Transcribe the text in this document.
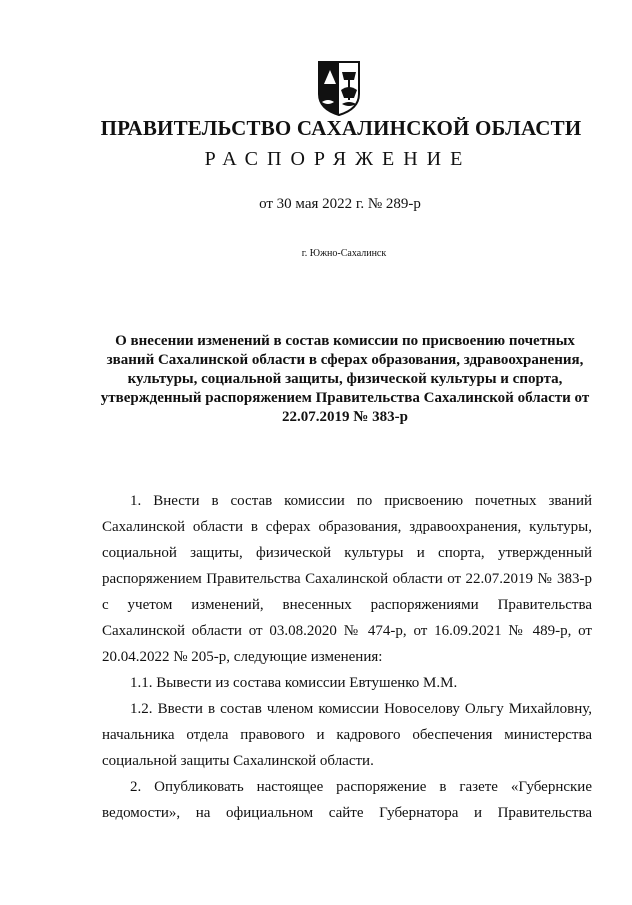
ПРАВИТЕЛЬСТВО САХАЛИНСКОЙ ОБЛАСТИ
РАСПОРЯЖЕНИЕ
от 30 мая 2022 г. № 289-р
г. Южно-Сахалинск
О внесении изменений в состав комиссии по присвоению почетных званий Сахалинской области в сферах образования, здравоохранения, культуры, социальной защиты, физической культуры и спорта, утвержденный распоряжением Правительства Сахалинской области от 22.07.2019 № 383-р

1. Внести в состав комиссии по присвоению почетных званий Сахалинской области в сферах образования, здравоохранения, культуры, социальной защиты, физической культуры и спорта, утвержденный распоряжением Правительства Сахалинской области от 22.07.2019 № 383-р с учетом изменений, внесенных распоряжениями Правительства Сахалинской области от 03.08.2020 № 474-р, от 16.09.2021 № 489-р, от 20.04.2022 № 205-р, следующие изменения:

1.1. Вывести из состава комиссии Евтушенко М.М.

1.2. Ввести в состав членом комиссии Новоселову Ольгу Михайловну, начальника отдела правового и кадрового обеспечения министерства социальной защиты Сахалинской области.

2. Опубликовать настоящее распоряжение в газете «Губернские ведомости», на официальном сайте Губернатора и Правительства
